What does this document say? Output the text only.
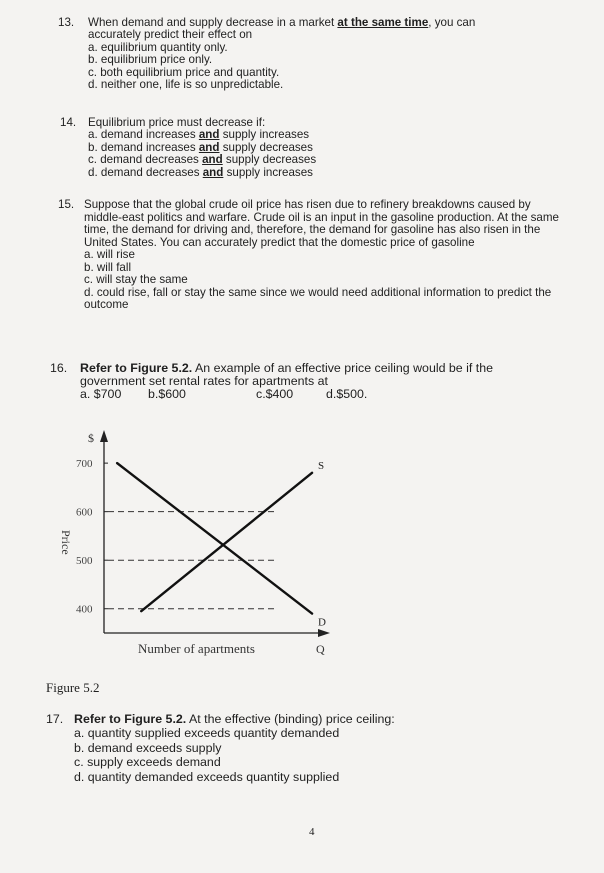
13. When demand and supply decrease in a market at the same time, you can
accurately predict their effect on
a. equilibrium quantity only.
b. equilibrium price only.
c. both equilibrium price and quantity.
d. neither one, life is so unpredictable.
14. Equilibrium price must decrease if:
a. demand increases and supply increases
b. demand increases and supply decreases
c. demand decreases and supply decreases
d. demand decreases and supply increases
15. Suppose that the global crude oil price has risen due to refinery breakdowns caused by middle-east politics and warfare. Crude oil is an input in the gasoline production. At the same time, the demand for driving and, therefore, the demand for gasoline has also risen in the United States. You can accurately predict that the domestic price of gasoline
a. will rise
b. will fall
c. will stay the same
d. could rise, fall or stay the same since we would need additional information to predict the outcome
16. Refer to Figure 5.2. An example of an effective price ceiling would be if the
government set rental rates for apartments at
a. $700 b.$600	c.$400	d.$500.
$
Price
Number of apartments	Q
700
600
500
400
S
D
Figure 5.2
17. Refer to Figure 5.2. At the effective (binding) price ceiling:
a. quantity supplied exceeds quantity demanded
b. demand exceeds supply
c. supply exceeds demand
d. quantity demanded exceeds quantity supplied
4
